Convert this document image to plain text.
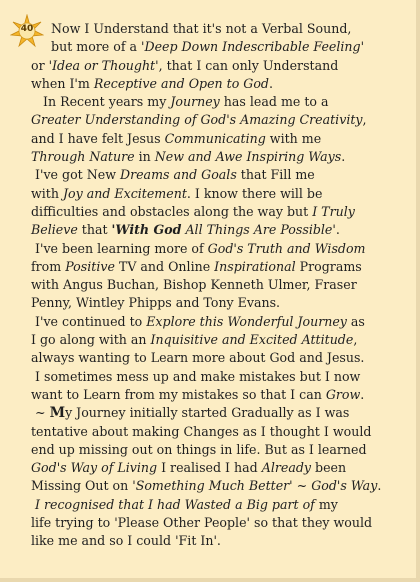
40
Now I Understand that it's not a Verbal Sound,
but more of a 'Deep Down Indescribable Feeling'
or 'Idea or Thought', that I can only Understand
when I'm Receptive and Open to God.
In Recent years my Journey has lead me to a
Greater Understanding of God's Amazing Creativity,
and I have felt Jesus Communicating with me
Through Nature in New and Awe Inspiring Ways.
I've got New Dreams and Goals that Fill me
with Joy and Excitement. I know there will be
difficulties and obstacles along the way but I Truly
Believe that 'With God All Things Are Possible'.
I've been learning more of God's Truth and Wisdom
from Positive TV and Online Inspirational Programs
with Angus Buchan, Bishop Kenneth Ulmer, Fraser
Penny, Wintley Phipps and Tony Evans.
I've continued to Explore this Wonderful Journey as
I go along with an Inquisitive and Excited Attitude,
always wanting to Learn more about God and Jesus.
I sometimes mess up and make mistakes but I now
want to Learn from my mistakes so that I can Grow.
~ My Journey initially started Gradually as I was
tentative about making Changes as I thought I would
end up missing out on things in life. But as I learned
God's Way of Living I realised I had Already been
Missing Out on 'Something Much Better' ~ God's Way.
I recognised that I had Wasted a Big part of my
life trying to 'Please Other People' so that they would
like me and so I could 'Fit In'.
